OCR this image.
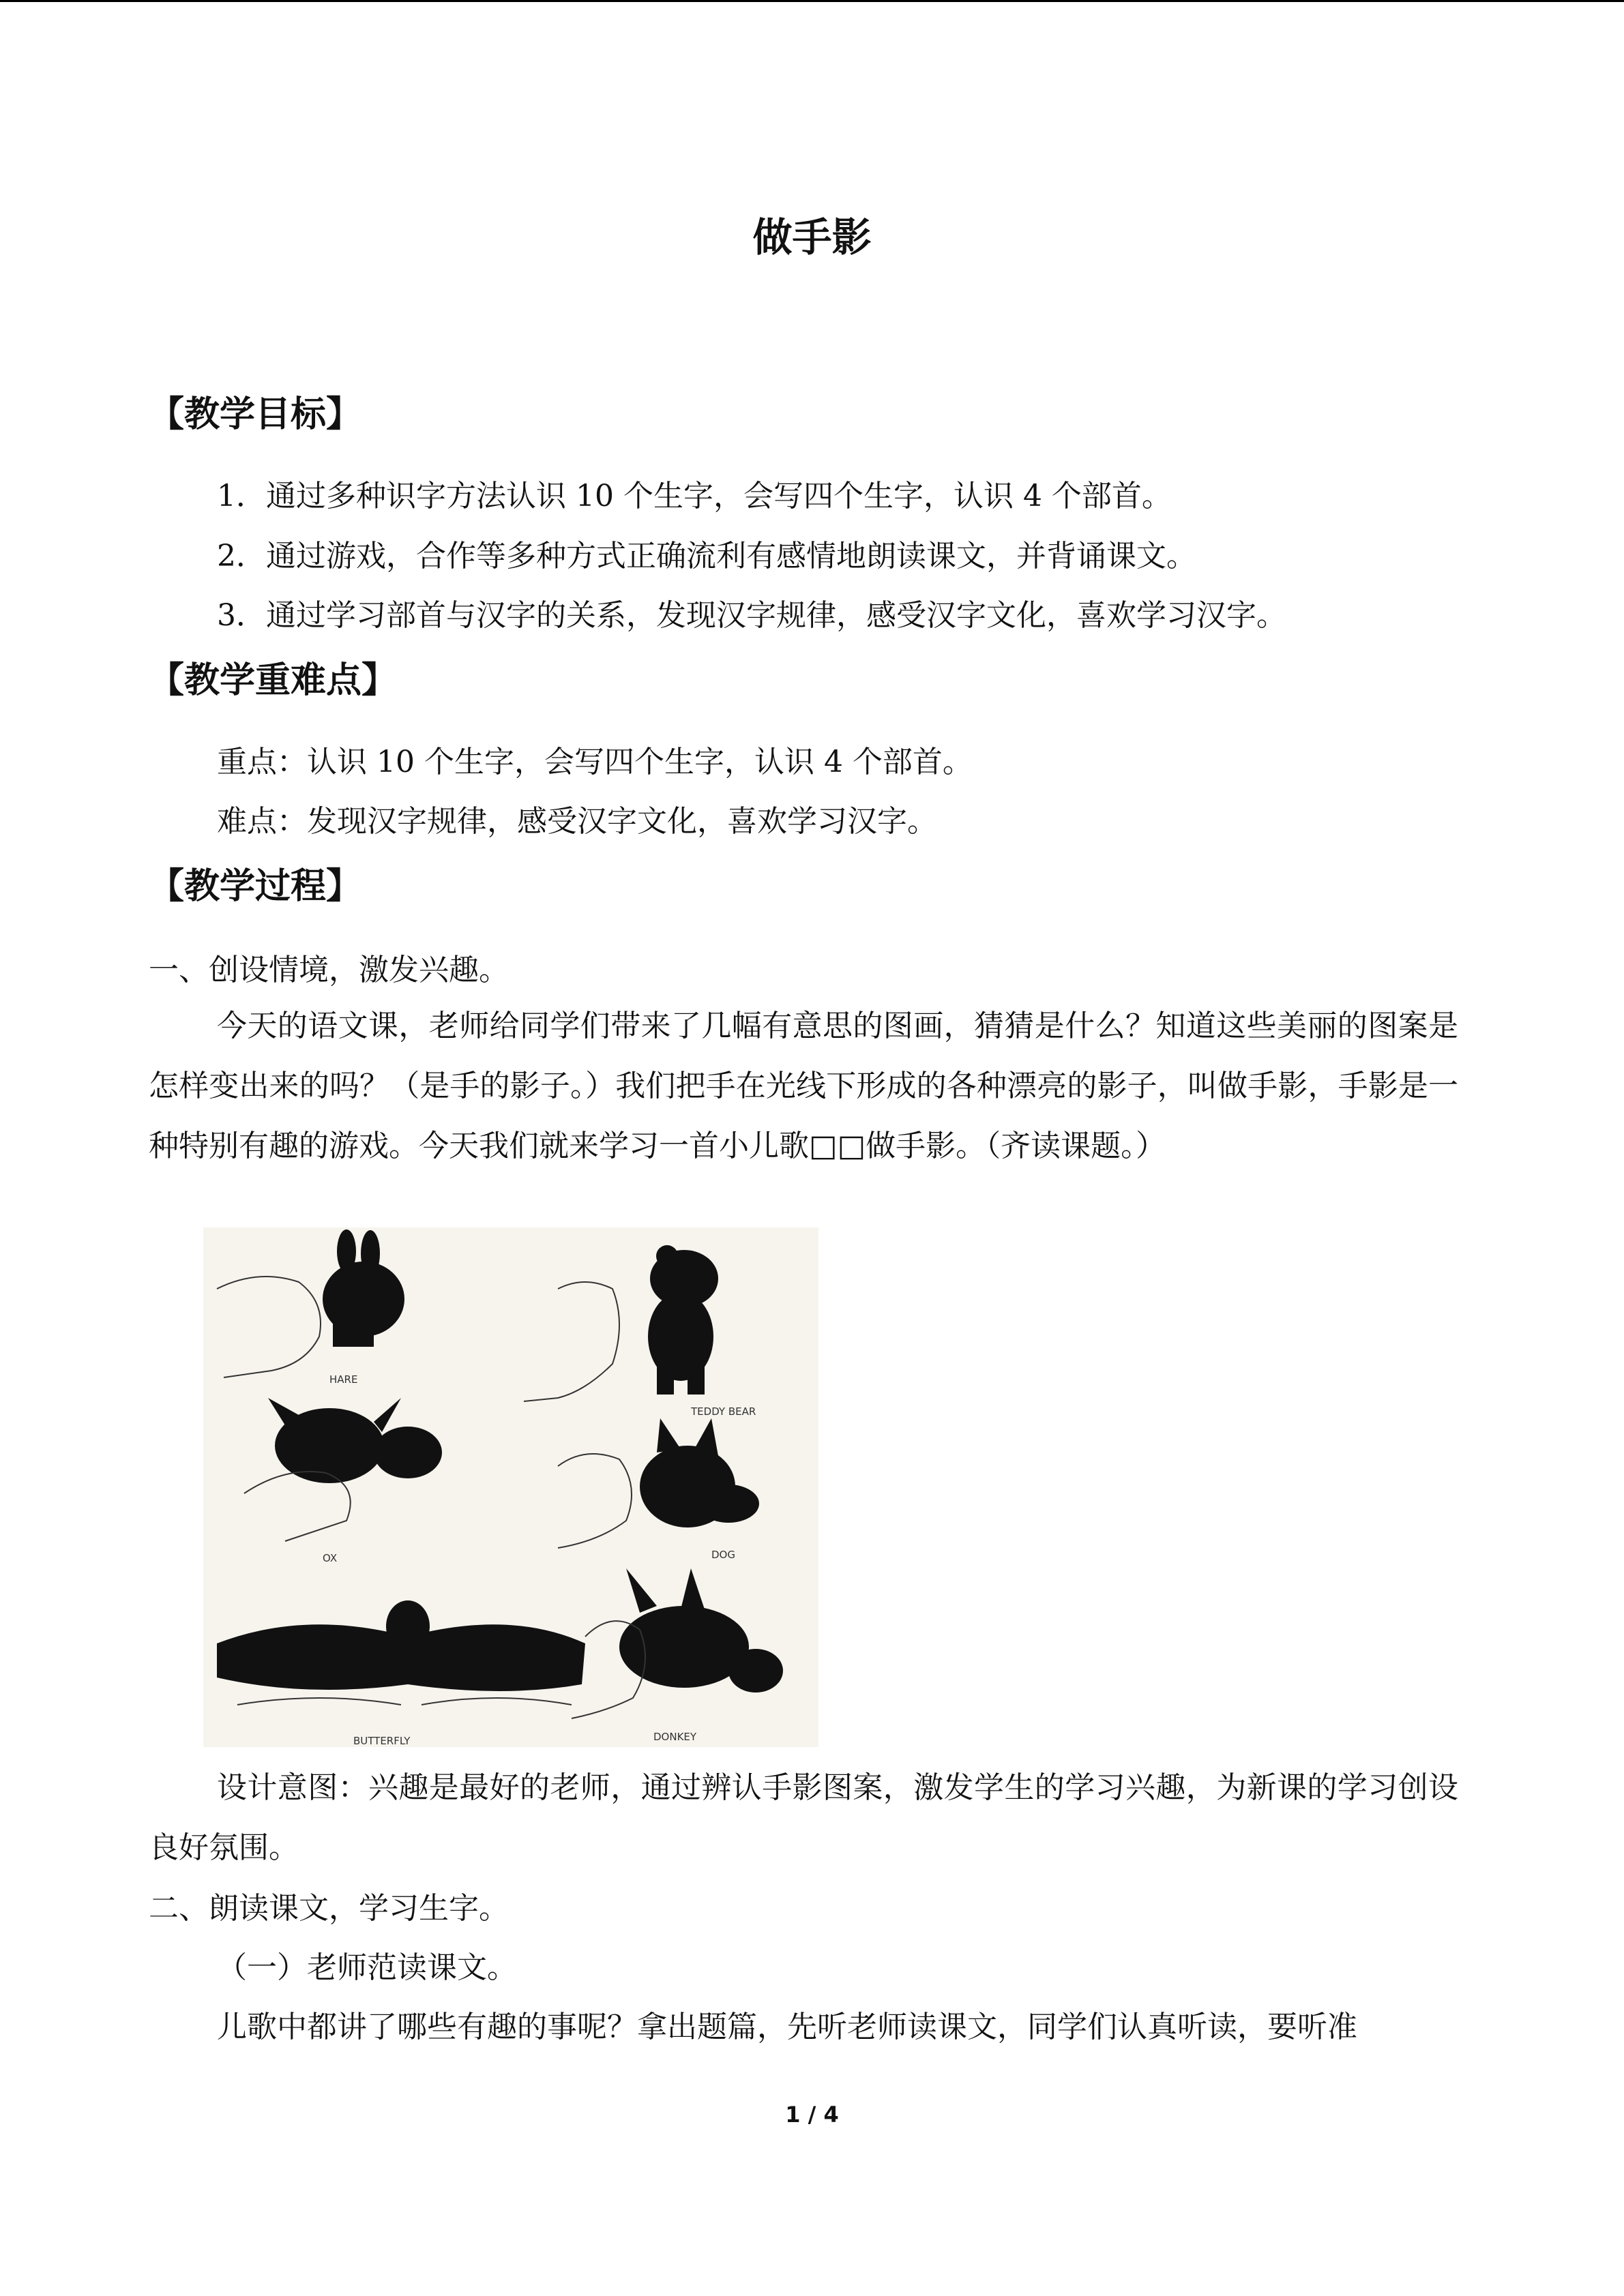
做手影
【教学目标】
1．通过多种识字方法认识 10 个生字，会写四个生字，认识 4 个部首。
2．通过游戏，合作等多种方式正确流利有感情地朗读课文，并背诵课文。
3．通过学习部首与汉字的关系，发现汉字规律，感受汉字文化，喜欢学习汉字。
【教学重难点】
重点：认识 10 个生字，会写四个生字，认识 4 个部首。
难点：发现汉字规律，感受汉字文化，喜欢学习汉字。
【教学过程】
一、创设情境，激发兴趣。
今天的语文课，老师给同学们带来了几幅有意思的图画，猜猜是什么？知道这些美丽的图案是怎样变出来的吗？（是手的影子。）我们把手在光线下形成的各种漂亮的影子，叫做手影，手影是一种特别有趣的游戏。今天我们就来学习一首小儿歌□□做手影。（齐读课题。）
HARE
TEDDY BEAR
OX	DOG
BUTTERFLY	DONKEY
设计意图：兴趣是最好的老师，通过辨认手影图案，激发学生的学习兴趣，为新课的学习创设良好氛围。
二、朗读课文，学习生字。
（一）老师范读课文。
儿歌中都讲了哪些有趣的事呢？拿出题篇，先听老师读课文，同学们认真听读，要听准
1 / 4
